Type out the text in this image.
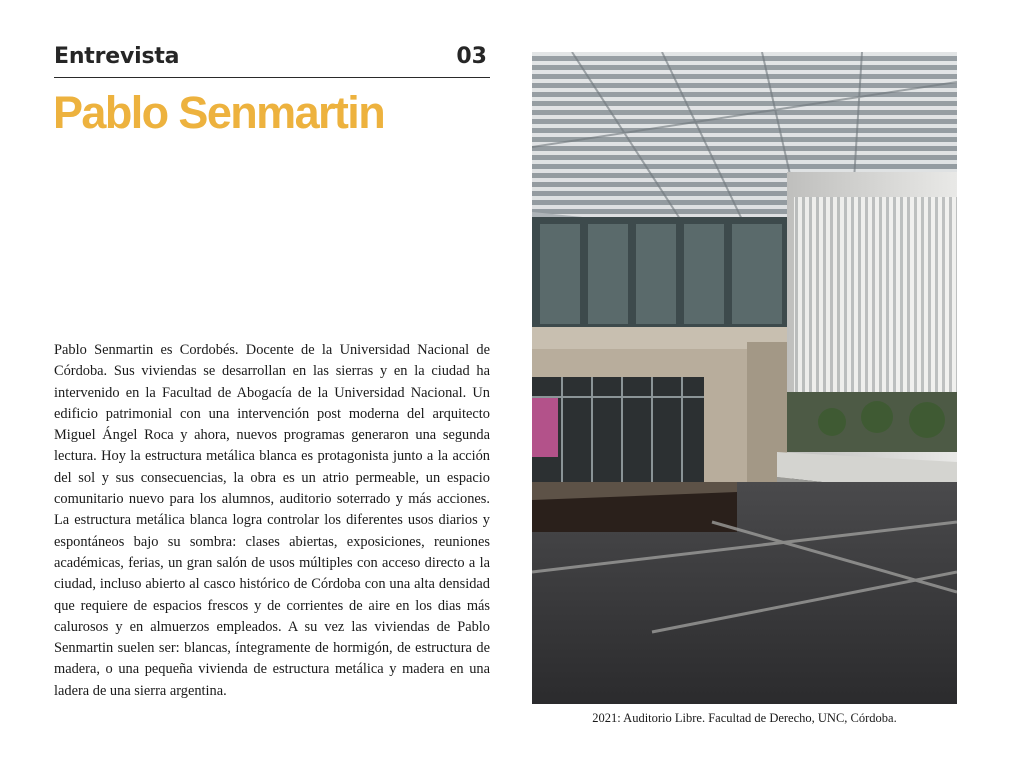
Entrevista	03
Pablo Senmartin

Pablo Senmartin es Cordobés. Docente de la Universidad Nacional de Córdoba. Sus viviendas se desarrollan en las sierras y en la ciudad ha intervenido en la Facultad de Abogacía de la Universidad Nacional. Un edificio patrimonial con una intervención post moderna del arquitecto Miguel Ángel Roca y ahora, nuevos programas generaron una segunda lectura. Hoy la estructura metálica blanca es protagonista junto a la acción del sol y sus consecuencias, la obra es un atrio permeable, un espacio comunitario nuevo para los alumnos, auditorio soterrado y más acciones. La estructura metálica blanca logra controlar los diferentes usos diarios y espontáneos bajo su sombra: clases abiertas, exposiciones, reuniones académicas, ferias, un gran salón de usos múltiples con acceso directo a la ciudad, incluso abierto al casco histórico de Córdoba con una alta densidad que requiere de espacios frescos y de corrientes de aire en los dias más calurosos y en almuerzos empleados. A su vez las viviendas de Pablo Senmartin suelen ser: blancas, íntegramente de hormigón, de estructura de madera, o una pequeña vivienda de estructura metálica y madera en una ladera de una sierra argentina.

2021: Auditorio Libre. Facultad de Derecho, UNC, Córdoba.
